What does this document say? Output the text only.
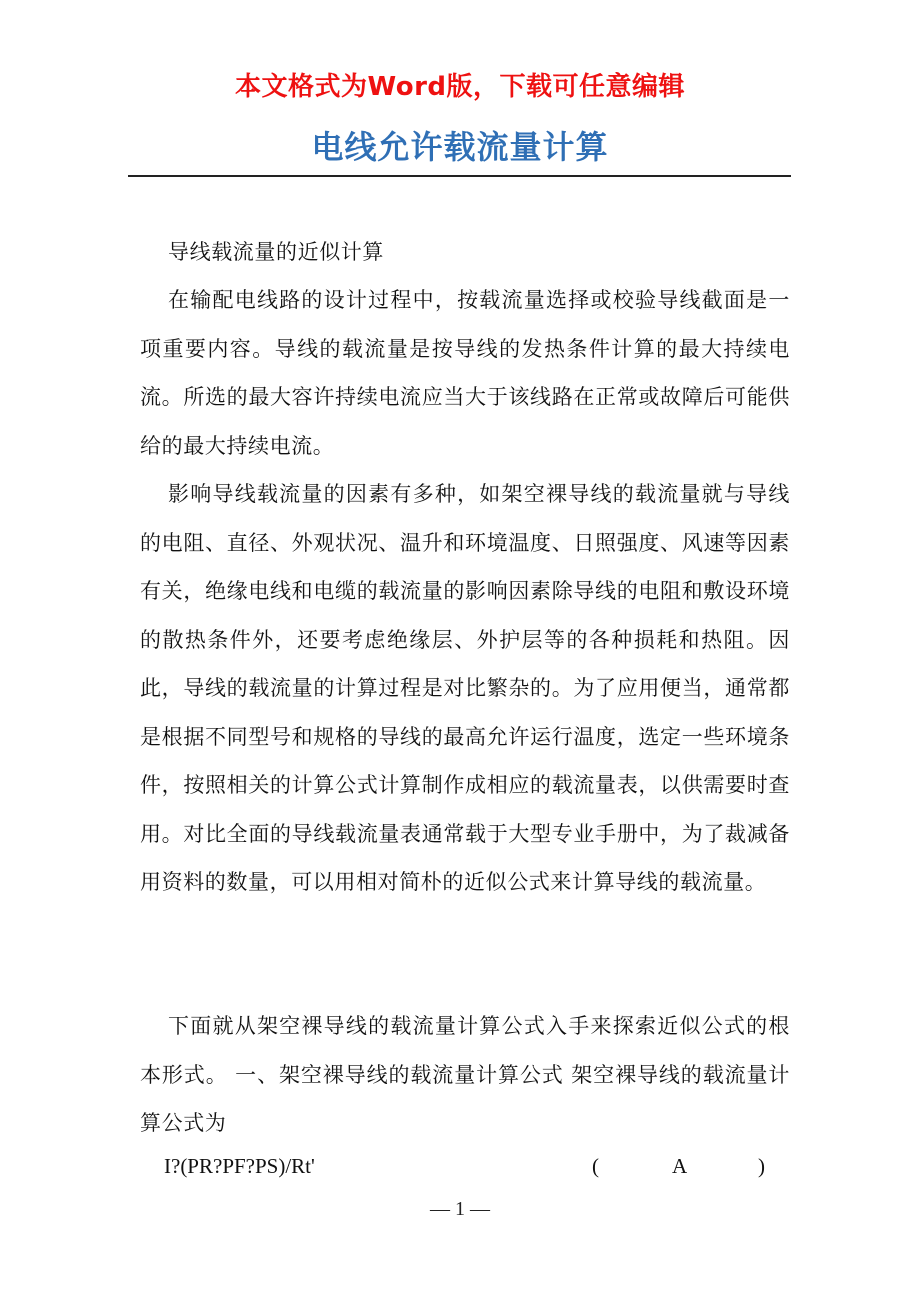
本文格式为Word版，下载可任意编辑
电线允许载流量计算

导线载流量的近似计算

在输配电线路的设计过程中，按载流量选择或校验导线截面是一项重要内容。导线的载流量是按导线的发热条件计算的最大持续电流。所选的最大容许持续电流应当大于该线路在正常或故障后可能供给的最大持续电流。

影响导线载流量的因素有多种，如架空裸导线的载流量就与导线的电阻、直径、外观状况、温升和环境温度、日照强度、风速等因素有关，绝缘电线和电缆的载流量的影响因素除导线的电阻和敷设环境的散热条件外，还要考虑绝缘层、外护层等的各种损耗和热阻。因此，导线的载流量的计算过程是对比繁杂的。为了应用便当，通常都是根据不同型号和规格的导线的最高允许运行温度，选定一些环境条件，按照相关的计算公式计算制作成相应的载流量表，以供需要时查用。对比全面的导线载流量表通常载于大型专业手册中，为了裁减备用资料的数量，可以用相对简朴的近似公式来计算导线的载流量。

下面就从架空裸导线的载流量计算公式入手来探索近似公式的根本形式。 一、架空裸导线的载流量计算公式 架空裸导线的载流量计算公式为

I?(PR?PF?PS)/Rt'	(	A	)
— 1 —
